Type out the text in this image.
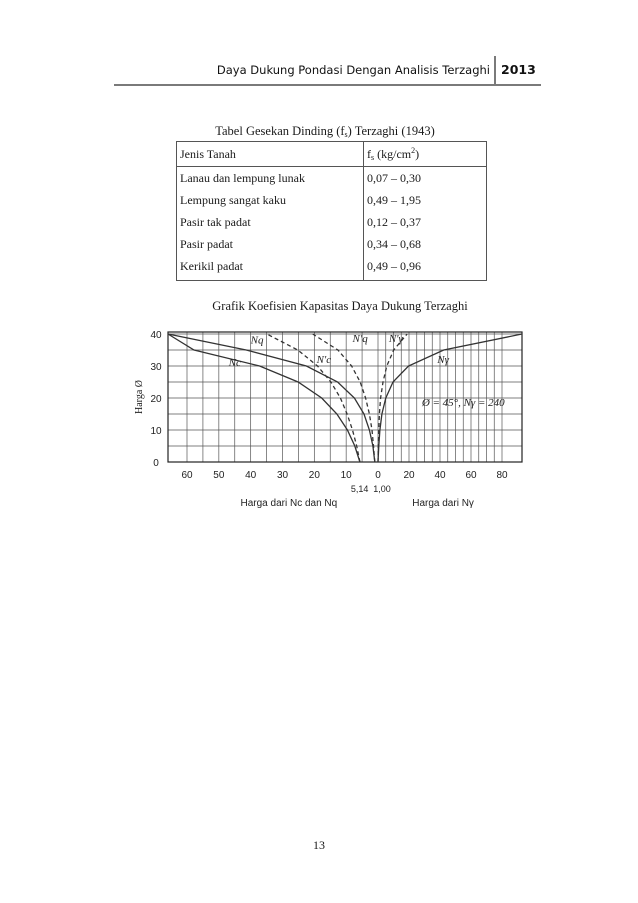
Daya Dukung Pondasi Dengan Analisis Terzaghi 2013
Tabel Gesekan Dinding $(f_s)$ Terzaghi (1943)
Jenis Tanah	$f_s$ $(kg/cm^2)$
Lanau dan lempung lunak	0,07 – 0,30
Lempung sangat kaku	0,49 – 1,95
Pasir tak padat	0,12 – 0,37
Pasir padat	0,34 – 0,68
Kerikil padat	0,49 – 0,96
Grafik Koefisien Kapasitas Daya Dukung Terzaghi
40
30
20
10
0
Harga Ø
60 50 40 30 20 10 0 20 40 60 80
5,14 1,00
Harga dari Nc dan Nq	Harga dari Nγ
Nq
Nc
N'q
N'c
N'γ
Nγ
Ø = 45°, Nγ = 240
13
